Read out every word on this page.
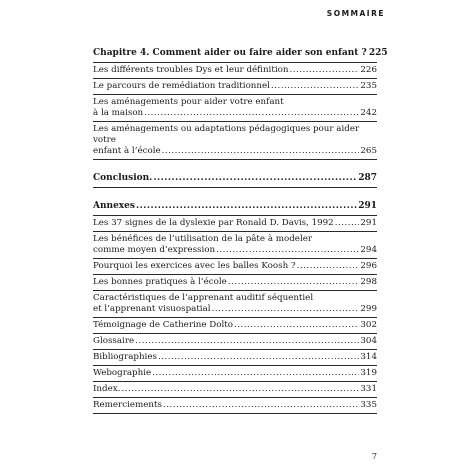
SOMMAIRE
Chapitre 4. Comment aider ou faire aider son enfant ? 225
Les différents troubles Dys et leur définition .....	226
Le parcours de remédiation traditionnel .....	235
Les aménagements pour aider votre enfant
à la maison .....	242
Les aménagements ou adaptations pédagogiques pour aider votre
enfant à l’école .....	265
Conclusion. .....	287
Annexes .....	291
Les 37 signes de la dyslexie par Ronald D. Davis, 1992 .....	291
Les bénéfices de l’utilisation de la pâte à modeler
comme moyen d’expression .....	294
Pourquoi les exercices avec les balles Koosh ? .....	296
Les bonnes pratiques à l’école .....	298
Caractéristiques de l’apprenant auditif séquentiel
et l’apprenant visuospatial .....	299
Témoignage de Catherine Dolto .....	302
Glossaire .....	304
Bibliographies .....	314
Webographie .....	319
Index. .....	331
Remerciements .....	335
7
